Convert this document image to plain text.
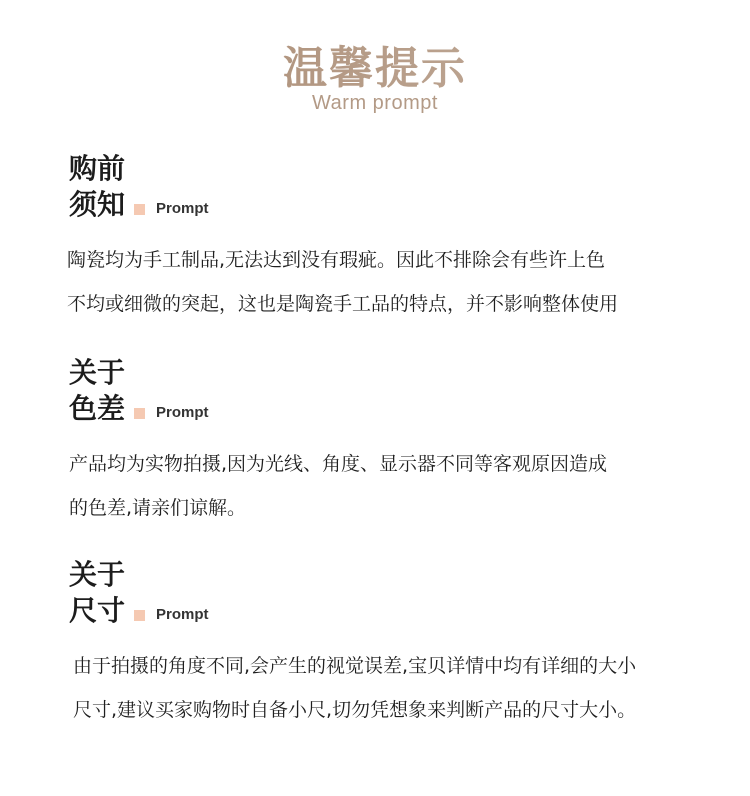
温馨提示
Warm prompt
购前
须知 Prompt
陶瓷均为手工制品,无法达到没有瑕疵。因此不排除会有些许上色
不均或细微的突起，这也是陶瓷手工品的特点，并不影响整体使用
关于
色差 Prompt
产品均为实物拍摄,因为光线、角度、显示器不同等客观原因造成
的色差,请亲们谅解。
关于
尺寸 Prompt
由于拍摄的角度不同,会产生的视觉误差,宝贝详情中均有详细的大小
尺寸,建议买家购物时自备小尺,切勿凭想象来判断产品的尺寸大小。
